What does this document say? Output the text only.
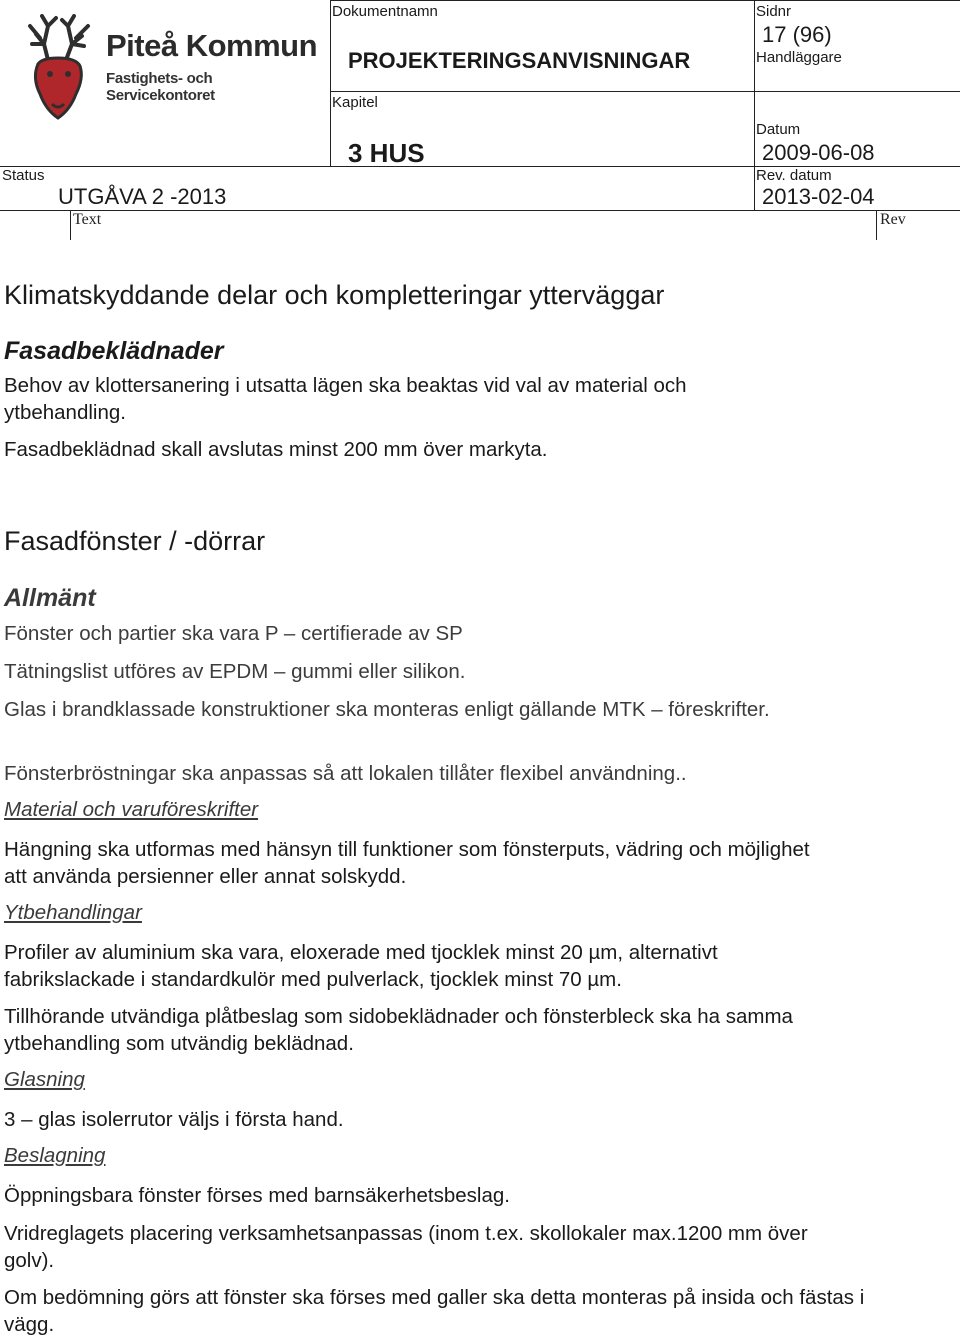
Piteå Kommun
Fastighets- och Servicekontoret
Dokumentnamn
Kapitel
Status
Text
Sidnr
Handläggare
Datum
Rev. datum
Rev
PROJEKTERINGSANVISNINGAR
3 HUS
UTGÅVA 2 -2013
17 (96)
2009-06-08
2013-02-04
Klimatskyddande delar och kompletteringar ytterväggar
Fasadbeklädnader

Behov av klottersanering i utsatta lägen ska beaktas vid val av material och ytbehandling.

Fasadbeklädnad skall avslutas minst 200 mm över markyta.

Fasadfönster / -dörrar
Allmänt

Fönster och partier ska vara P – certifierade av SP

Tätningslist utföres av EPDM – gummi eller silikon.

Glas i brandklassade konstruktioner ska monteras enligt gällande MTK – föreskrifter.

Fönsterbröstningar ska anpassas så att lokalen tillåter flexibel användning..

Material och varuföreskrifter

Hängning ska utformas med hänsyn till funktioner som fönsterputs, vädring och möjlighet att använda persienner eller annat solskydd.

Ytbehandlingar

Profiler av aluminium ska vara, eloxerade med tjocklek minst 20 µm, alternativt fabrikslackade i standardkulör med pulverlack, tjocklek minst 70 µm.

Tillhörande utvändiga plåtbeslag som sidobeklädnader och fönsterbleck ska ha samma ytbehandling som utvändig beklädnad.

Glasning

3 – glas isolerrutor väljs i första hand.

Beslagning

Öppningsbara fönster förses med barnsäkerhetsbeslag.

Vridreglagets placering verksamhetsanpassas (inom t.ex. skollokaler max.1200 mm över golv).

Om bedömning görs att fönster ska förses med galler ska detta monteras på insida och fästas i vägg.
